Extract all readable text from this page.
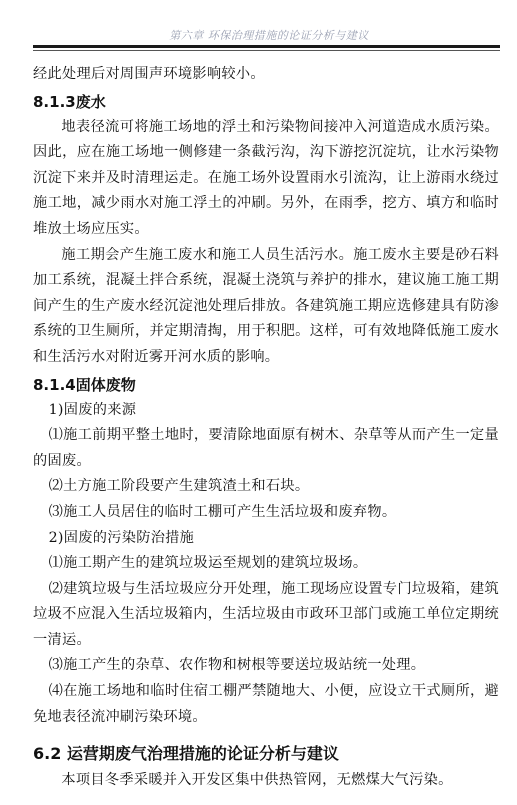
第六章 环保治理措施的论证分析与建议

经此处理后对周围声环境影响较小。

8.1.3废水

地表径流可将施工场地的浮土和污染物间接冲入河道造成水质污染。因此，应在施工场地一侧修建一条截污沟，沟下游挖沉淀坑，让水污染物沉淀下来并及时清理运走。在施工场外设置雨水引流沟，让上游雨水绕过施工地，减少雨水对施工浮土的冲刷。另外，在雨季，挖方、填方和临时堆放土场应压实。

施工期会产生施工废水和施工人员生活污水。施工废水主要是砂石料加工系统，混凝土拌合系统，混凝土浇筑与养护的排水，建议施工施工期间产生的生产废水经沉淀池处理后排放。各建筑施工期应选修建具有防渗系统的卫生厕所，并定期清掏，用于积肥。这样，可有效地降低施工废水和生活污水对附近雾开河水质的影响。

8.1.4固体废物

1)固废的来源

⑴施工前期平整土地时，要清除地面原有树木、杂草等从而产生一定量的固废。

⑵土方施工阶段要产生建筑渣土和石块。

⑶施工人员居住的临时工棚可产生生活垃圾和废弃物。

2)固废的污染防治措施

⑴施工期产生的建筑垃圾运至规划的建筑垃圾场。

⑵建筑垃圾与生活垃圾应分开处理，施工现场应设置专门垃圾箱，建筑垃圾不应混入生活垃圾箱内，生活垃圾由市政环卫部门或施工单位定期统一清运。

⑶施工产生的杂草、农作物和树根等要送垃圾站统一处理。

⑷在施工场地和临时住宿工棚严禁随地大、小便，应设立干式厕所，避免地表径流冲刷污染环境。

6.2 运营期废气治理措施的论证分析与建议

本项目冬季采暖并入开发区集中供热管网，无燃煤大气污染。
